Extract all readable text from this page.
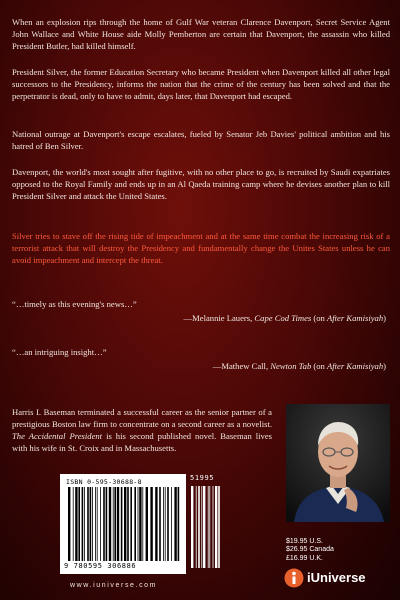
When an explosion rips through the home of Gulf War veteran Clarence Davenport, Secret Service Agent John Wallace and White House aide Molly Pemberton are certain that Davenport, the assassin who killed President Butler, had killed himself.

President Silver, the former Education Secretary who became President when Davenport killed all other legal successors to the Presidency, informs the nation that the crime of the century has been solved and that the perpetrator is dead, only to have to admit, days later, that Davenport had escaped.

National outrage at Davenport's escape escalates, fueled by Senator Jeb Davies' political ambition and his hatred of Ben Silver.

Davenport, the world's most sought after fugitive, with no other place to go, is recruited by Saudi expatriates opposed to the Royal Family and ends up in an Al Qaeda training camp where he devises another plan to kill President Silver and attack the United States.

Silver tries to stave off the rising tide of impeachment and at the same time combat the increasing risk of a terrorist attack that will destroy the Presidency and fundamentally change the Unites States unless he can avoid impeachment and intercept the threat.

“…timely as this evening's news…”

—Melannie Lauers, Cape Cod Times (on After Kamisiyah)

“…an intriguing insight…”

—Mathew Call, Newton Tab (on After Kamisiyah)

Harris I. Baseman terminated a successful career as the senior partner of a prestigious Boston law firm to concentrate on a second career as a novelist. The Accidental President is his second published novel. Baseman lives with his wife in St. Croix and in Massachusetts.

ISBN 0-595-30688-8
9 780595 306886
51995
$19.95 U.S.
$26.95 Canada
£16.99 U.K.
iUniverse
www.iuniverse.com
